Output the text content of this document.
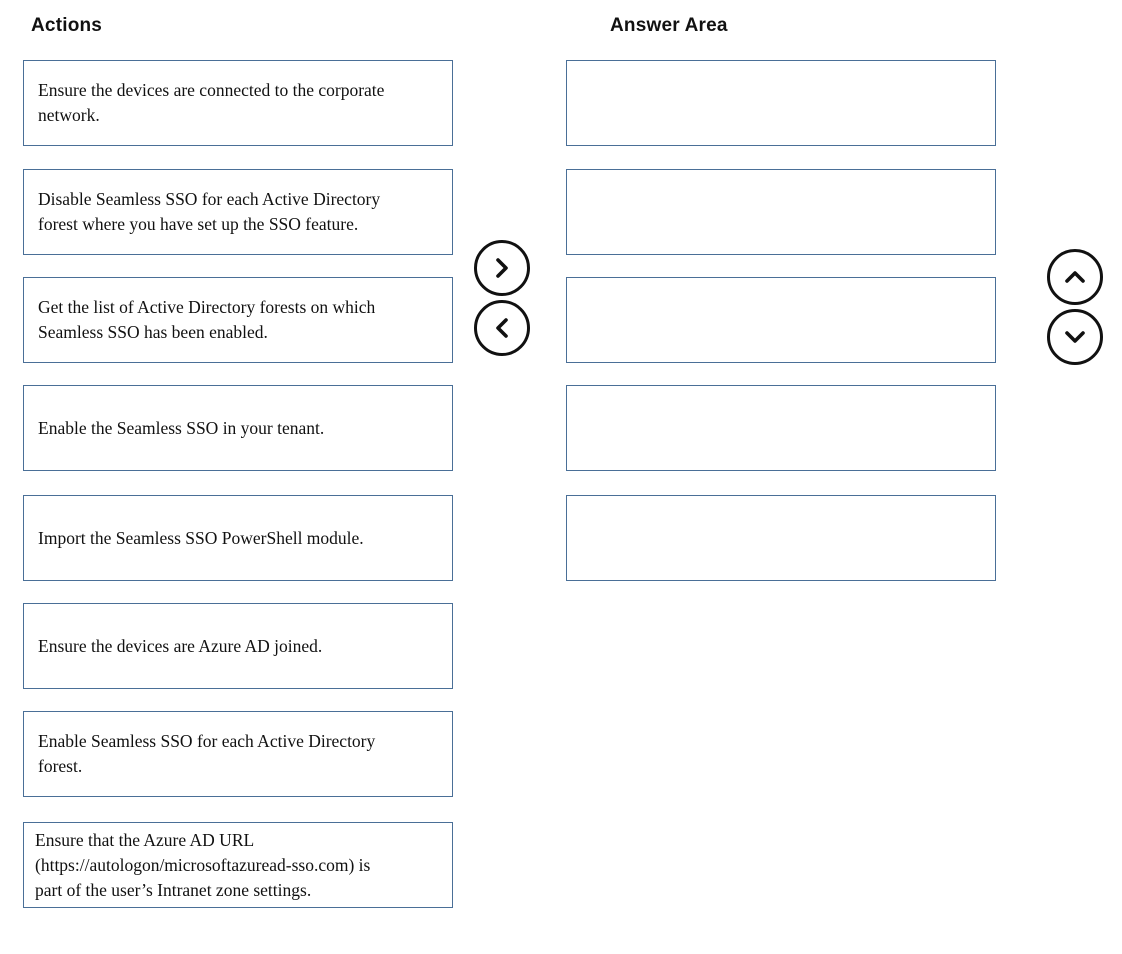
Actions	Answer Area
Ensure the devices are connected to the corporate
network.
Disable Seamless SSO for each Active Directory
forest where you have set up the SSO feature.
Get the list of Active Directory forests on which
Seamless SSO has been enabled.
Enable the Seamless SSO in your tenant.
Import the Seamless SSO PowerShell module.
Ensure the devices are Azure AD joined.
Enable Seamless SSO for each Active Directory
forest.
Ensure that the Azure AD URL
(https://autologon/microsoftazuread-sso.com) is
part of the user’s Intranet zone settings.
